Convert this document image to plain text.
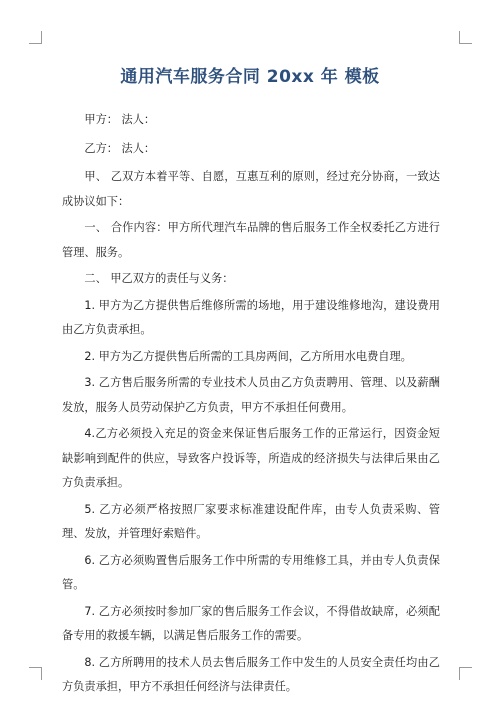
通用汽车服务合同 20xx 年 模板

甲方： 法人：

乙方： 法人：

甲、 乙双方本着平等、自愿，互惠互利的原则，经过充分协商，一致达成协议如下：

一、 合作内容：甲方所代理汽车品牌的售后服务工作全权委托乙方进行管理、服务。

二、 甲乙双方的责任与义务：

1. 甲方为乙方提供售后维修所需的场地，用于建设维修地沟，建设费用由乙方负责承担。

2. 甲方为乙方提供售后所需的工具房两间，乙方所用水电费自理。

3. 乙方售后服务所需的专业技术人员由乙方负责聘用、管理、以及薪酬发放，服务人员劳动保护乙方负责，甲方不承担任何费用。

4.乙方必须投入充足的资金来保证售后服务工作的正常运行，因资金短缺影响到配件的供应，导致客户投诉等，所造成的经济损失与法律后果由乙方负责承担。

5. 乙方必须严格按照厂家要求标准建设配件库，由专人负责采购、管理、发放，并管理好索赔件。

6. 乙方必须购置售后服务工作中所需的专用维修工具，并由专人负责保管。

7. 乙方必须按时参加厂家的售后服务工作会议，不得借故缺席，必须配备专用的救援车辆，以满足售后服务工作的需要。

8. 乙方所聘用的技术人员去售后服务工作中发生的人员安全责任均由乙方负责承担，甲方不承担任何经济与法律责任。
